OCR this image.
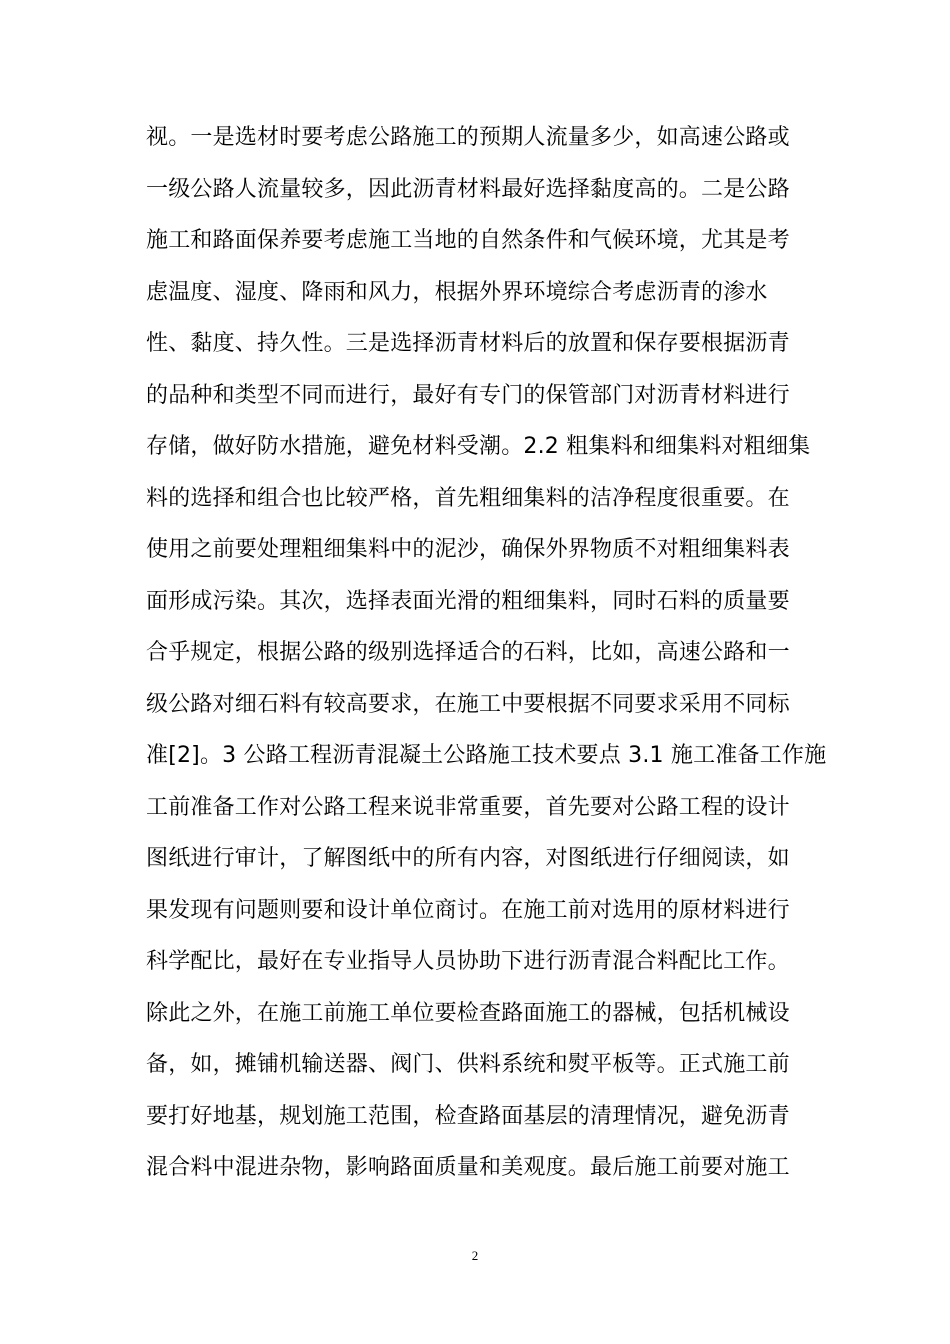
视。一是选材时要考虑公路施工的预期人流量多少，如高速公路或
一级公路人流量较多，因此沥青材料最好选择黏度高的。二是公路
施工和路面保养要考虑施工当地的自然条件和气候环境，尤其是考
虑温度、湿度、降雨和风力，根据外界环境综合考虑沥青的渗水
性、黏度、持久性。三是选择沥青材料后的放置和保存要根据沥青
的品种和类型不同而进行，最好有专门的保管部门对沥青材料进行
存储，做好防水措施，避免材料受潮。2.2 粗集料和细集料对粗细集
料的选择和组合也比较严格，首先粗细集料的洁净程度很重要。在
使用之前要处理粗细集料中的泥沙，确保外界物质不对粗细集料表
面形成污染。其次，选择表面光滑的粗细集料，同时石料的质量要
合乎规定，根据公路的级别选择适合的石料，比如，高速公路和一
级公路对细石料有较高要求，在施工中要根据不同要求采用不同标
准[2]。3 公路工程沥青混凝土公路施工技术要点 3.1 施工准备工作施
工前准备工作对公路工程来说非常重要，首先要对公路工程的设计
图纸进行审计，了解图纸中的所有内容，对图纸进行仔细阅读，如
果发现有问题则要和设计单位商讨。在施工前对选用的原材料进行
科学配比，最好在专业指导人员协助下进行沥青混合料配比工作。
除此之外，在施工前施工单位要检查路面施工的器械，包括机械设
备，如，摊铺机输送器、阀门、供料系统和熨平板等。正式施工前
要打好地基，规划施工范围，检查路面基层的清理情况，避免沥青
混合料中混进杂物，影响路面质量和美观度。最后施工前要对施工
2
